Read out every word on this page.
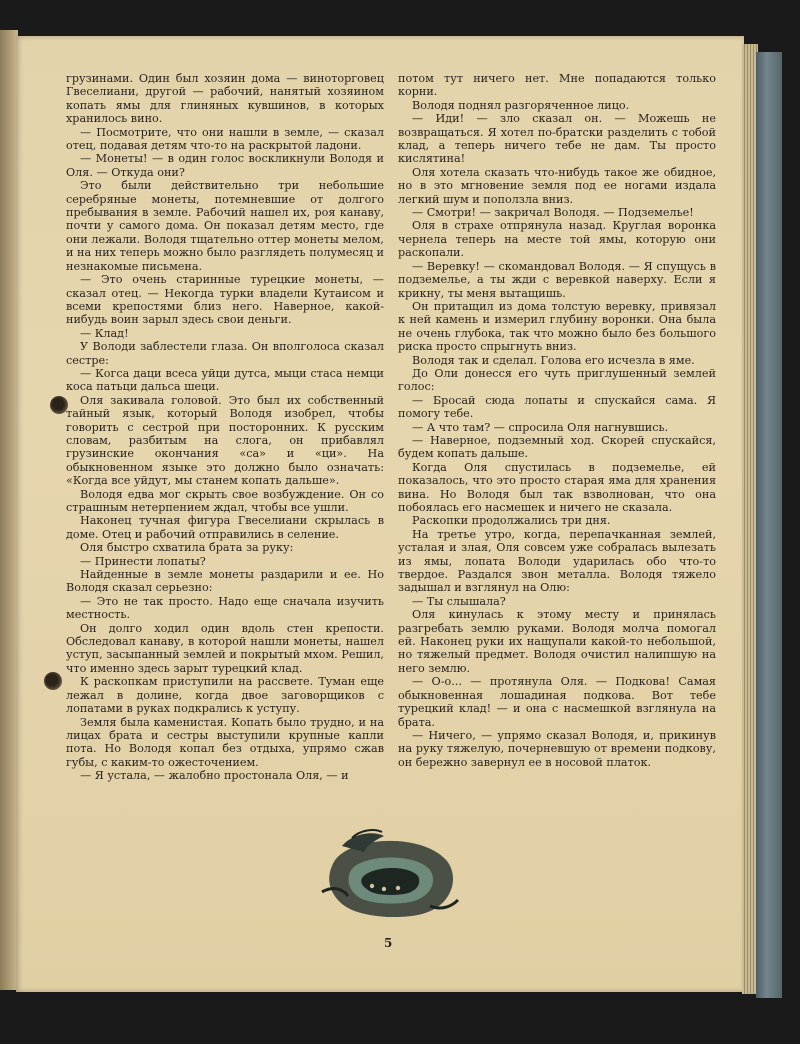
грузинами. Один был хозяин дома — виноторговец Гвеселиани, другой — рабочий, нанятый хозяином копать ямы для глиняных кувшинов, в которых хранилось вино.

— Посмотрите, что они нашли в земле, — сказал отец, подавая детям что-то на раскрытой ладони.

— Монеты! — в один голос воскликнули Володя и Оля. — Откуда они?

Это были действительно три небольшие серебряные монеты, потемневшие от долгого пребывания в земле. Рабочий нашел их, роя канаву, почти у самого дома. Он показал детям место, где они лежали. Володя тщательно оттер монеты мелом, и на них теперь можно было разглядеть полумесяц и незнакомые письмена.

— Это очень старинные турецкие монеты, — сказал отец. — Некогда турки владели Кутаисом и всеми крепостями близ него. Наверное, какой-нибудь воин зарыл здесь свои деньги.

— Клад!

У Володи заблестели глаза. Он вполголоса сказал сестре:

— Когса даци всеса уйци дутса, мыци стаса немци коса патьци дальса шеци.

Оля закивала головой. Это был их собственный тайный язык, который Володя изобрел, чтобы говорить с сестрой при посторонних. К русским словам, разбитым на слога, он прибавлял грузинские окончания «са» и «ци». На обыкновенном языке это должно было означать: «Когда все уйдут, мы станем копать дальше».

Володя едва мог скрыть свое возбуждение. Он со страшным нетерпением ждал, чтобы все ушли.

Наконец тучная фигура Гвеселиани скрылась в доме. Отец и рабочий отправились в селение.

Оля быстро схватила брата за руку:

— Принести лопаты?

Найденные в земле монеты раздарили и ее. Но Володя сказал серьезно:

— Это не так просто. Надо еще сначала изучить местность.

Он долго ходил один вдоль стен крепости. Обследовал канаву, в которой нашли монеты, нашел уступ, засыпанный землей и покрытый мхом. Решил, что именно здесь зарыт турецкий клад.

К раскопкам приступили на рассвете. Туман еще лежал в долине, когда двое заговорщиков с лопатами в руках подкрались к уступу.

Земля была каменистая. Копать было трудно, и на лицах брата и сестры выступили крупные капли пота. Но Володя копал без отдыха, упрямо сжав губы, с каким-то ожесточением.

— Я устала, — жалобно простонала Оля, — и

потом тут ничего нет. Мне попадаются только корни.

Володя поднял разгоряченное лицо.

— Иди! — зло сказал он. — Можешь не возвращаться. Я хотел по-братски разделить с тобой клад, а теперь ничего тебе не дам. Ты просто кислятина!

Оля хотела сказать что-нибудь такое же обидное, но в это мгновение земля под ее ногами издала легкий шум и поползла вниз.

— Смотри! — закричал Володя. — Подземелье!

Оля в страхе отпрянула назад. Круглая воронка чернела теперь на месте той ямы, которую они раскопали.

— Веревку! — скомандовал Володя. — Я спущусь в подземелье, а ты жди с веревкой наверху. Если я крикну, ты меня вытащишь.

Он притащил из дома толстую веревку, привязал к ней камень и измерил глубину воронки. Она была не очень глубока, так что можно было без большого риска просто спрыгнуть вниз.

Володя так и сделал. Голова его исчезла в яме.

До Оли донесся его чуть приглушенный землей голос:

— Бросай сюда лопаты и спускайся сама. Я помогу тебе.

— А что там? — спросила Оля нагнувшись.

— Наверное, подземный ход. Скорей спускайся, будем копать дальше.

Когда Оля спустилась в подземелье, ей показалось, что это просто старая яма для хранения вина. Но Володя был так взволнован, что она побоялась его насмешек и ничего не сказала.

Раскопки продолжались три дня.

На третье утро, когда, перепачканная землей, усталая и злая, Оля совсем уже собралась вылезать из ямы, лопата Володи ударилась обо что-то твердое. Раздался звон металла. Володя тяжело задышал и взглянул на Олю:

— Ты слышала?

Оля кинулась к этому месту и принялась разгребать землю руками. Володя молча помогал ей. Наконец руки их нащупали какой-то небольшой, но тяжелый предмет. Володя очистил налипшую на него землю.

— О-о... — протянула Оля. — Подкова! Самая обыкновенная лошадиная подкова. Вот тебе турецкий клад! — и она с насмешкой взглянула на брата.

— Ничего, — упрямо сказал Володя, и, прикинув на руку тяжелую, почерневшую от времени подкову, он бережно завернул ее в носовой платок.

5
